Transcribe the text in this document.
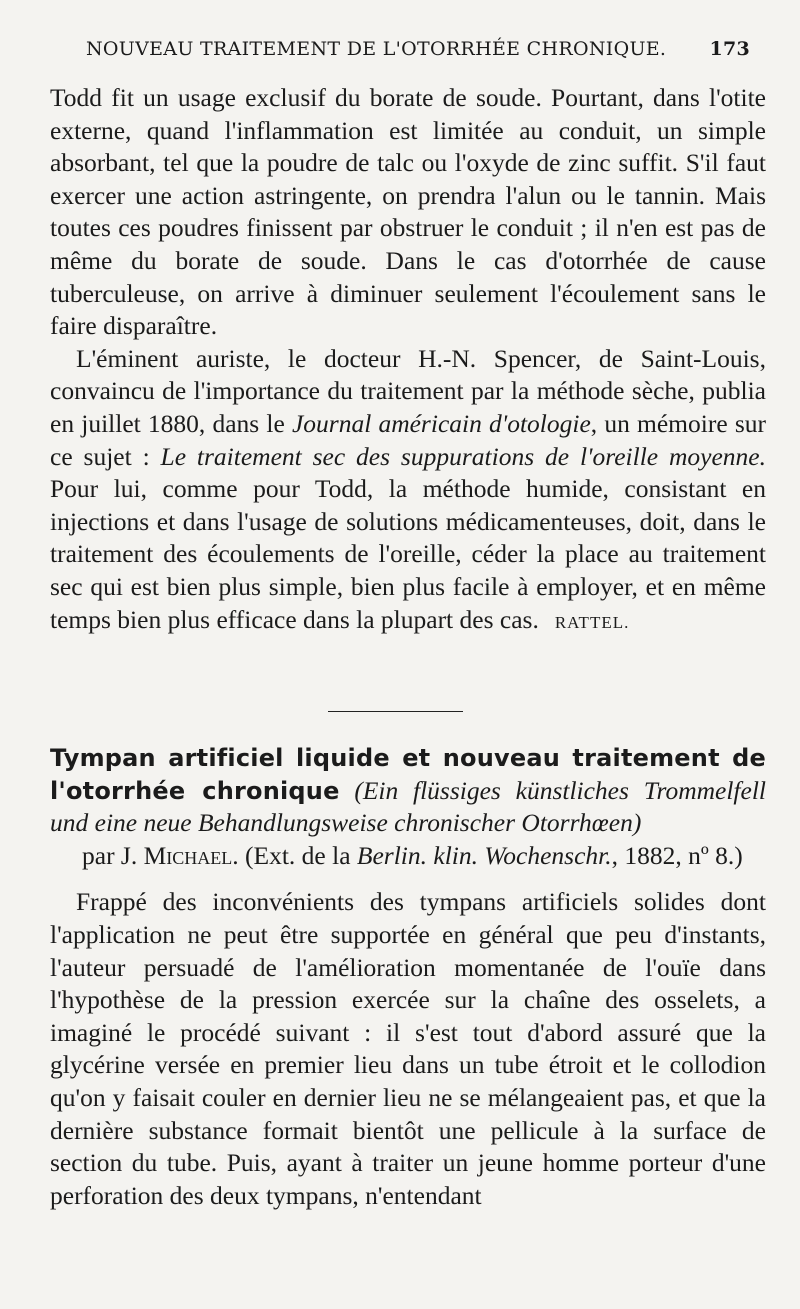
NOUVEAU TRAITEMENT DE L'OTORRHÉE CHRONIQUE. 173

Todd fit un usage exclusif du borate de soude. Pourtant, dans l'otite externe, quand l'inflammation est limitée au conduit, un simple absorbant, tel que la poudre de talc ou l'oxyde de zinc suffit. S'il faut exercer une action astringente, on prendra l'alun ou le tannin. Mais toutes ces poudres finissent par obstruer le conduit ; il n'en est pas de même du borate de soude. Dans le cas d'otorrhée de cause tuberculeuse, on arrive à diminuer seulement l'écoulement sans le faire disparaître.

L'éminent auriste, le docteur H.-N. Spencer, de Saint-Louis, convaincu de l'importance du traitement par la méthode sèche, publia en juillet 1880, dans le Journal américain d'otologie, un mémoire sur ce sujet : Le traitement sec des suppurations de l'oreille moyenne. Pour lui, comme pour Todd, la méthode humide, consistant en injections et dans l'usage de solutions médicamenteuses, doit, dans le traitement des écoulements de l'oreille, céder la place au traitement sec qui est bien plus simple, bien plus facile à employer, et en même temps bien plus efficace dans la plupart des cas. RATTEL.

Tympan artificiel liquide et nouveau traitement de l'otorrhée chronique (Ein flüssiges künstliches Trommelfell und eine neue Behandlungsweise chronischer Otorrhœen)

par J. Michael. (Ext. de la Berlin. klin. Wochenschr., 1882, nº 8.)

Frappé des inconvénients des tympans artificiels solides dont l'application ne peut être supportée en général que peu d'instants, l'auteur persuadé de l'amélioration momentanée de l'ouïe dans l'hypothèse de la pression exercée sur la chaîne des osselets, a imaginé le procédé suivant : il s'est tout d'abord assuré que la glycérine versée en premier lieu dans un tube étroit et le collodion qu'on y faisait couler en dernier lieu ne se mélangeaient pas, et que la dernière substance formait bientôt une pellicule à la surface de section du tube. Puis, ayant à traiter un jeune homme porteur d'une perforation des deux tympans, n'entendant
